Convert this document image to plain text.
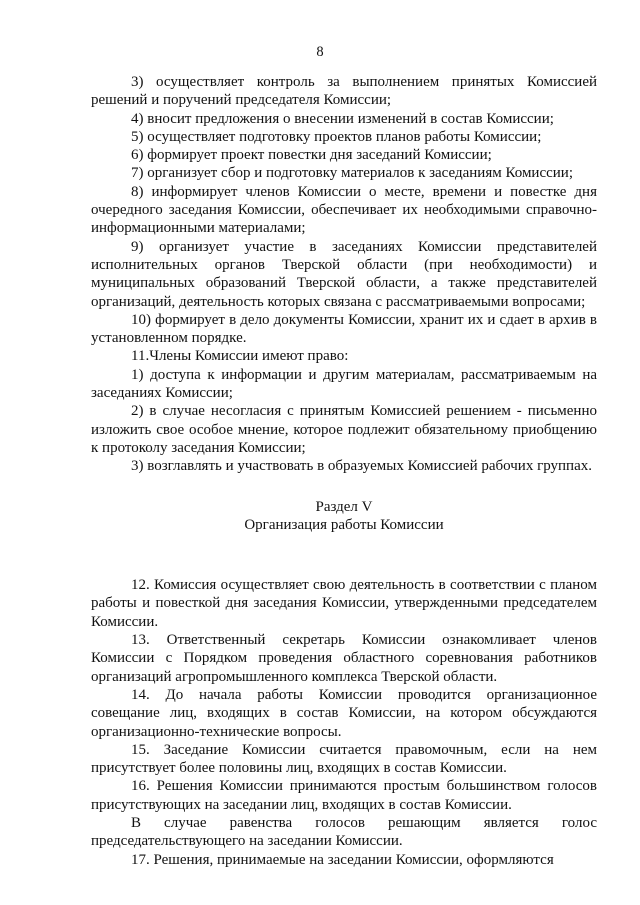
8

3) осуществляет контроль за выполнением принятых Комиссией решений и поручений председателя Комиссии;

4) вносит предложения о внесении изменений в состав Комиссии;

5) осуществляет подготовку проектов планов работы Комиссии;

6) формирует проект повестки дня заседаний Комиссии;

7) организует сбор и подготовку материалов к заседаниям Комиссии;

8) информирует членов Комиссии о месте, времени и повестке дня очередного заседания Комиссии, обеспечивает их необходимыми справочно-информационными материалами;

9) организует участие в заседаниях Комиссии представителей исполнительных органов Тверской области (при необходимости) и муниципальных образований Тверской области, а также представителей организаций, деятельность которых связана с рассматриваемыми вопросами;

10) формирует в дело документы Комиссии, хранит их и сдает в архив в установленном порядке.

11.Члены Комиссии имеют право:

1) доступа к информации и другим материалам, рассматриваемым на заседаниях Комиссии;

2) в случае несогласия с принятым Комиссией решением - письменно изложить свое особое мнение, которое подлежит обязательному приобщению к протоколу заседания Комиссии;

3) возглавлять и участвовать в образуемых Комиссией рабочих группах.

Раздел V
Организация работы Комиссии

12. Комиссия осуществляет свою деятельность в соответствии с планом работы и повесткой дня заседания Комиссии, утвержденными председателем Комиссии.

13. Ответственный секретарь Комиссии ознакомливает членов Комиссии с Порядком проведения областного соревнования работников организаций агропромышленного комплекса Тверской области.

14. До начала работы Комиссии проводится организационное совещание лиц, входящих в состав Комиссии, на котором обсуждаются организационно-технические вопросы.

15. Заседание Комиссии считается правомочным, если на нем присутствует более половины лиц, входящих в состав Комиссии.

16. Решения Комиссии принимаются простым большинством голосов присутствующих на заседании лиц, входящих в состав Комиссии.

В случае равенства голосов решающим является голос председательствующего на заседании Комиссии.

17. Решения, принимаемые на заседании Комиссии, оформляются
